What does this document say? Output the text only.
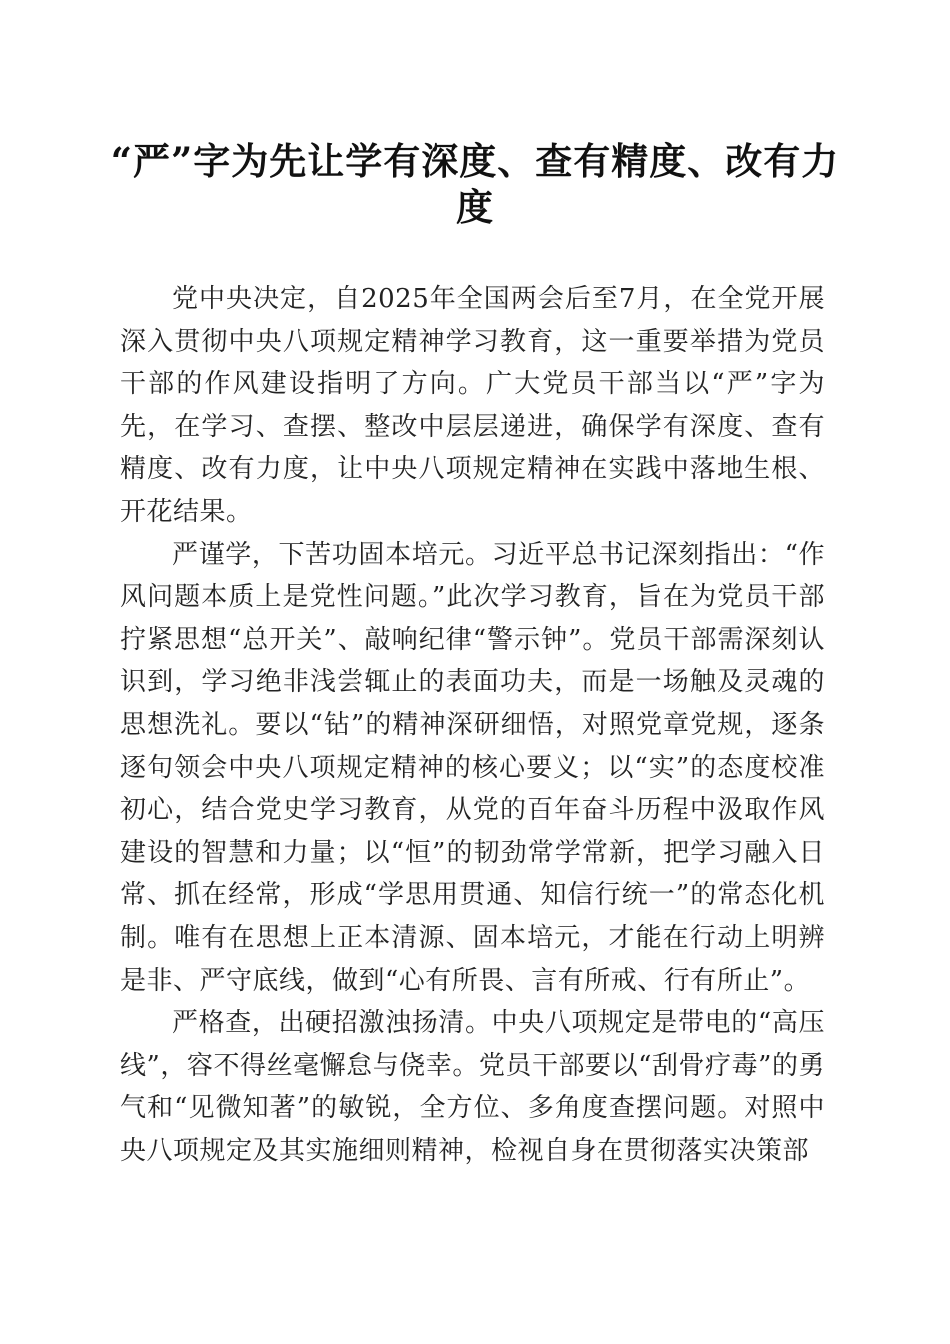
“严”字为先让学有深度、查有精度、改有力度

党中央决定，自2025年全国两会后至7月，在全党开展深入贯彻中央八项规定精神学习教育，这一重要举措为党员干部的作风建设指明了方向。广大党员干部当以“严”字为先，在学习、查摆、整改中层层递进，确保学有深度、查有精度、改有力度，让中央八项规定精神在实践中落地生根、开花结果。

严谨学，下苦功固本培元。习近平总书记深刻指出：“作风问题本质上是党性问题。”此次学习教育，旨在为党员干部拧紧思想“总开关”、敲响纪律“警示钟”。党员干部需深刻认识到，学习绝非浅尝辄止的表面功夫，而是一场触及灵魂的思想洗礼。要以“钻”的精神深研细悟，对照党章党规，逐条逐句领会中央八项规定精神的核心要义；以“实”的态度校准初心，结合党史学习教育，从党的百年奋斗历程中汲取作风建设的智慧和力量；以“恒”的韧劲常学常新，把学习融入日常、抓在经常，形成“学思用贯通、知信行统一”的常态化机制。唯有在思想上正本清源、固本培元，才能在行动上明辨是非、严守底线，做到“心有所畏、言有所戒、行有所止”。

严格查，出硬招激浊扬清。中央八项规定是带电的“高压线”，容不得丝毫懈怠与侥幸。党员干部要以“刮骨疗毒”的勇气和“见微知著”的敏锐，全方位、多角度查摆问题。对照中央八项规定及其实施细则精神，检视自身在贯彻落实决策部
